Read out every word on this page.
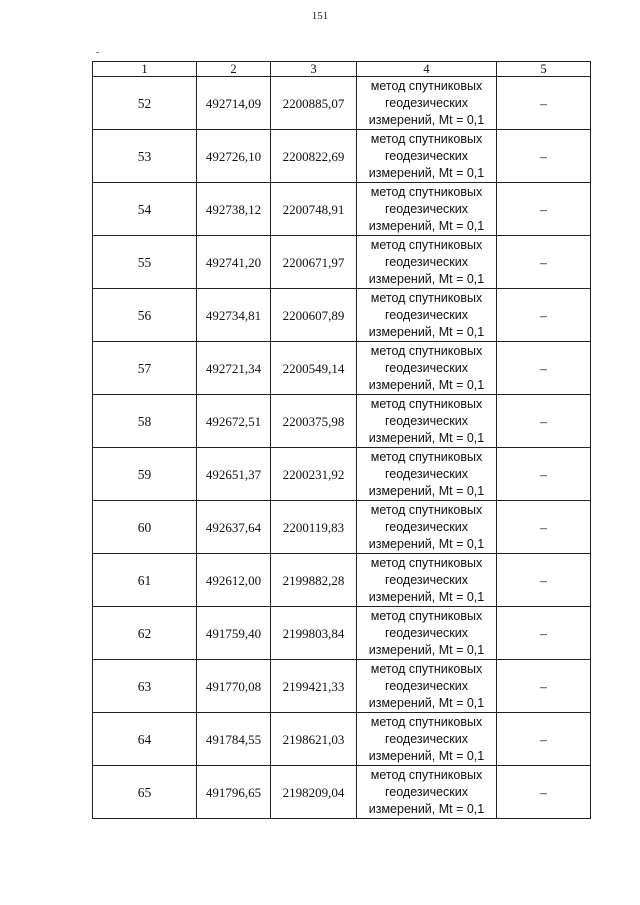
151
1	2	3	4	5
52	492714,09	2200885,07	метод спутниковых
геодезических
измерений, Mt = 0,1	–
53	492726,10	2200822,69	метод спутниковых
геодезических
измерений, Mt = 0,1	–
54	492738,12	2200748,91	метод спутниковых
геодезических
измерений, Mt = 0,1	–
55	492741,20	2200671,97	метод спутниковых
геодезических
измерений, Mt = 0,1	–
56	492734,81	2200607,89	метод спутниковых
геодезических
измерений, Mt = 0,1	–
57	492721,34	2200549,14	метод спутниковых
геодезических
измерений, Mt = 0,1	–
58	492672,51	2200375,98	метод спутниковых
геодезических
измерений, Mt = 0,1	–
59	492651,37	2200231,92	метод спутниковых
геодезических
измерений, Mt = 0,1	–
60	492637,64	2200119,83	метод спутниковых
геодезических
измерений, Mt = 0,1	–
61	492612,00	2199882,28	метод спутниковых
геодезических
измерений, Mt = 0,1	–
62	491759,40	2199803,84	метод спутниковых
геодезических
измерений, Mt = 0,1	–
63	491770,08	2199421,33	метод спутниковых
геодезических
измерений, Mt = 0,1	–
64	491784,55	2198621,03	метод спутниковых
геодезических
измерений, Mt = 0,1	–
65	491796,65	2198209,04	метод спутниковых
геодезических
измерений, Mt = 0,1	–
